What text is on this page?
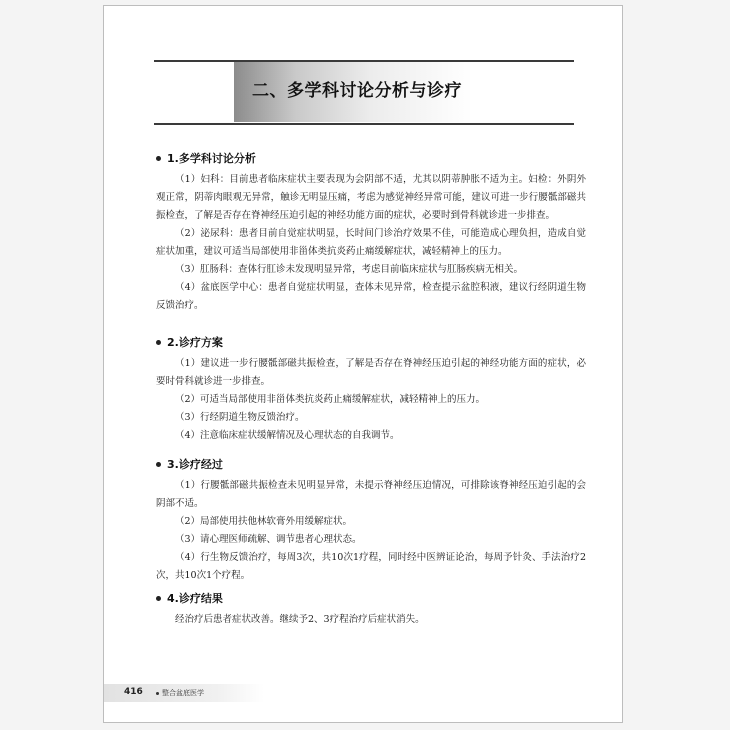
二、多学科讨论分析与诊疗
1.多学科讨论分析

（1）妇科：目前患者临床症状主要表现为会阴部不适，尤其以阴蒂肿胀不适为主。妇检：外阴外观正常，阴蒂肉眼观无异常，触诊无明显压痛，考虑为感觉神经异常可能，建议可进一步行腰骶部磁共振检查，了解是否存在脊神经压迫引起的神经功能方面的症状，必要时到骨科就诊进一步排查。

（2）泌尿科：患者目前自觉症状明显，长时间门诊治疗效果不佳，可能造成心理负担，造成自觉症状加重，建议可适当局部使用非甾体类抗炎药止痛缓解症状，减轻精神上的压力。

（3）肛肠科：查体行肛诊未发现明显异常，考虑目前临床症状与肛肠疾病无相关。

（4）盆底医学中心：患者自觉症状明显，查体未见异常，检查提示盆腔积液，建议行经阴道生物反馈治疗。

2.诊疗方案

（1）建议进一步行腰骶部磁共振检查，了解是否存在脊神经压迫引起的神经功能方面的症状，必要时骨科就诊进一步排查。

（2）可适当局部使用非甾体类抗炎药止痛缓解症状，减轻精神上的压力。

（3）行经阴道生物反馈治疗。

（4）注意临床症状缓解情况及心理状态的自我调节。

3.诊疗经过

（1）行腰骶部磁共振检查未见明显异常，未提示脊神经压迫情况，可排除该脊神经压迫引起的会阴部不适。

（2）局部使用扶他林软膏外用缓解症状。

（3）请心理医师疏解、调节患者心理状态。

（4）行生物反馈治疗，每周3次，共10次1疗程，同时经中医辨证论治，每周予针灸、手法治疗2次，共10次1个疗程。

4.诊疗结果

经治疗后患者症状改善。继续予2、3疗程治疗后症状消失。

416	整合盆底医学
